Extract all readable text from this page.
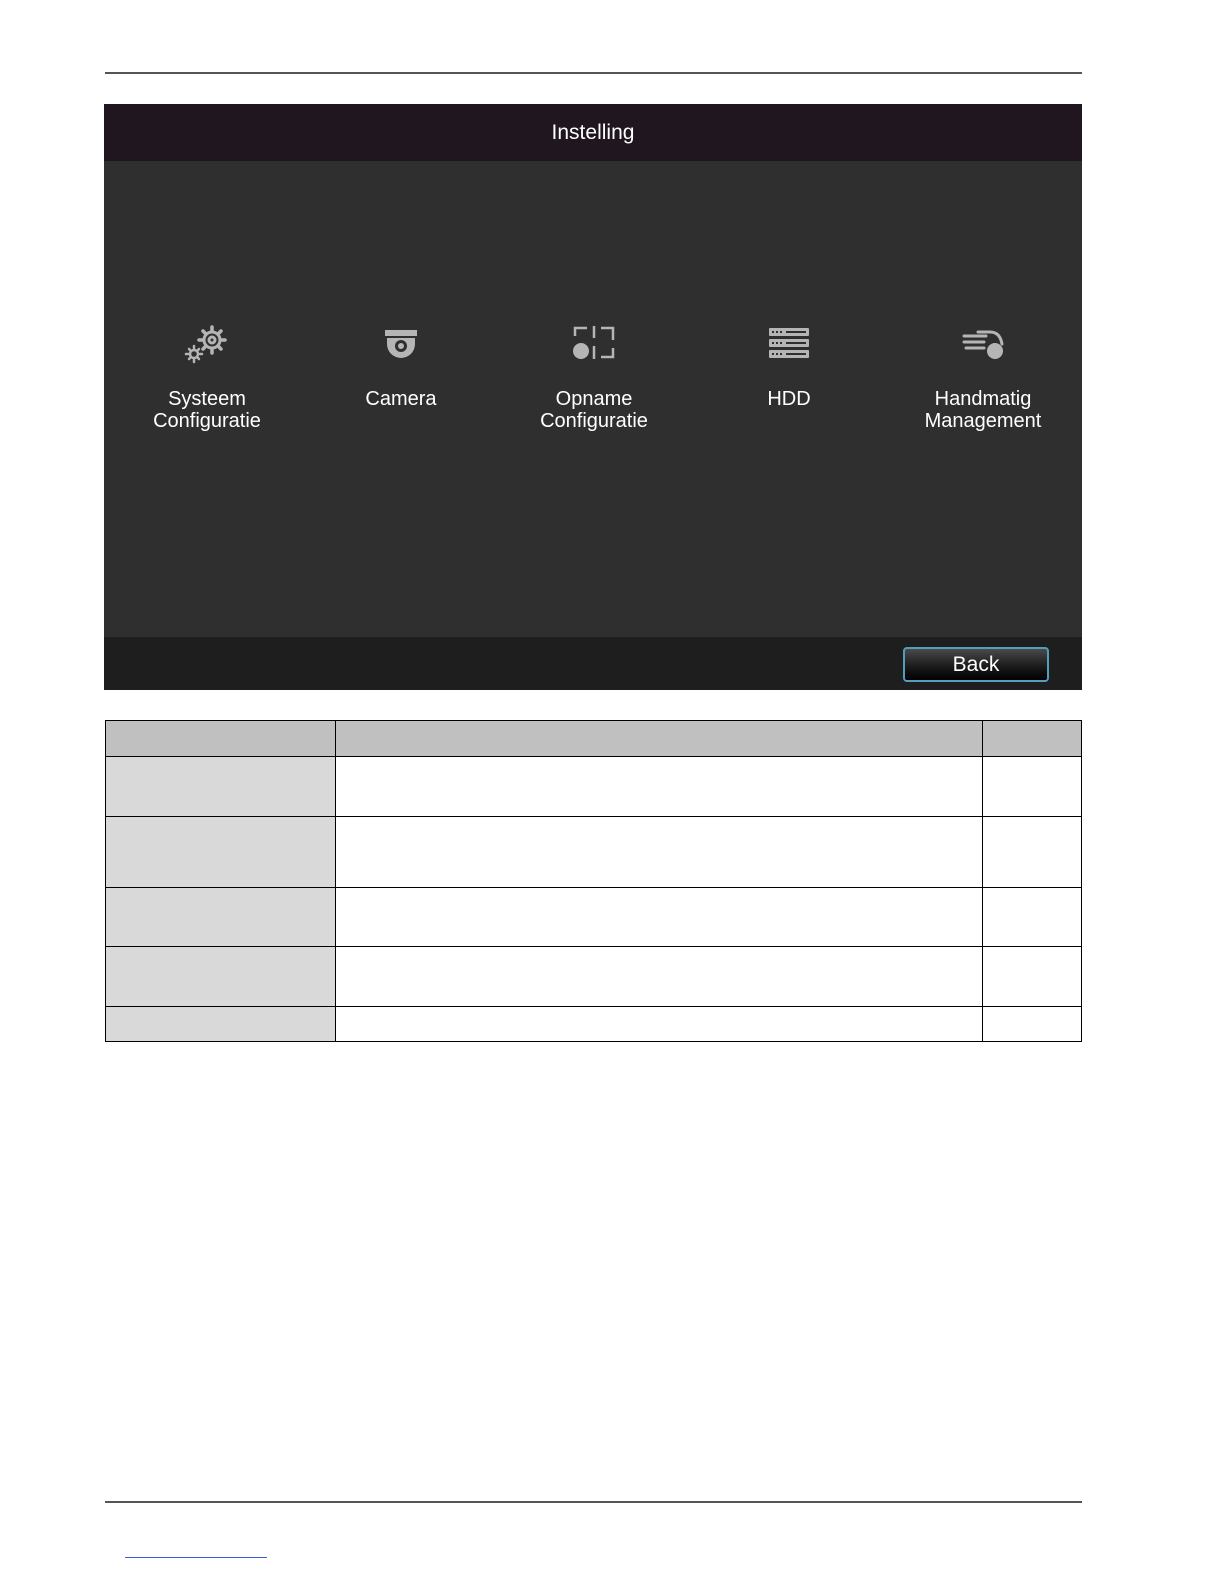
Instelling
Systeem
Configuratie
Camera	Opname
Configuratie
HDD	Handmatig
Management
Back
